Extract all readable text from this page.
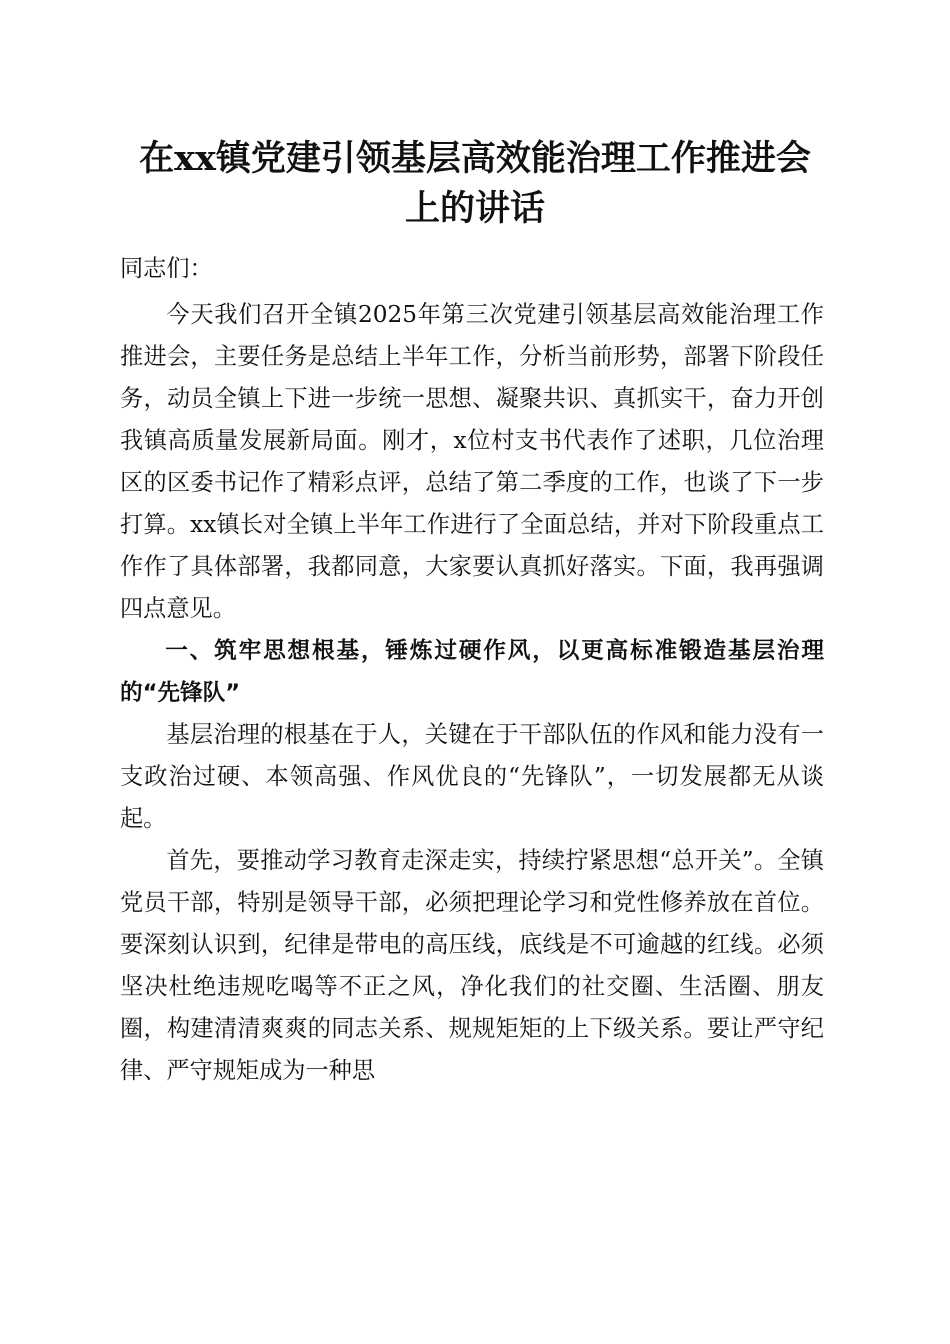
在xx镇党建引领基层高效能治理工作推进会
上的讲话

同志们：

今天我们召开全镇2025年第三次党建引领基层高效能治理工作推进会，主要任务是总结上半年工作，分析当前形势，部署下阶段任务，动员全镇上下进一步统一思想、凝聚共识、真抓实干，奋力开创我镇高质量发展新局面。刚才，x位村支书代表作了述职，几位治理区的区委书记作了精彩点评，总结了第二季度的工作，也谈了下一步打算。xx镇长对全镇上半年工作进行了全面总结，并对下阶段重点工作作了具体部署，我都同意，大家要认真抓好落实。下面，我再强调四点意见。

一、筑牢思想根基，锤炼过硬作风，以更高标准锻造基层治理的“先锋队”

基层治理的根基在于人，关键在于干部队伍的作风和能力没有一支政治过硬、本领高强、作风优良的“先锋队”，一切发展都无从谈起。

首先，要推动学习教育走深走实，持续拧紧思想“总开关”。全镇党员干部，特别是领导干部，必须把理论学习和党性修养放在首位。要深刻认识到，纪律是带电的高压线，底线是不可逾越的红线。必须坚决杜绝违规吃喝等不正之风，净化我们的社交圈、生活圈、朋友圈，构建清清爽爽的同志关系、规规矩矩的上下级关系。要让严守纪律、严守规矩成为一种思
